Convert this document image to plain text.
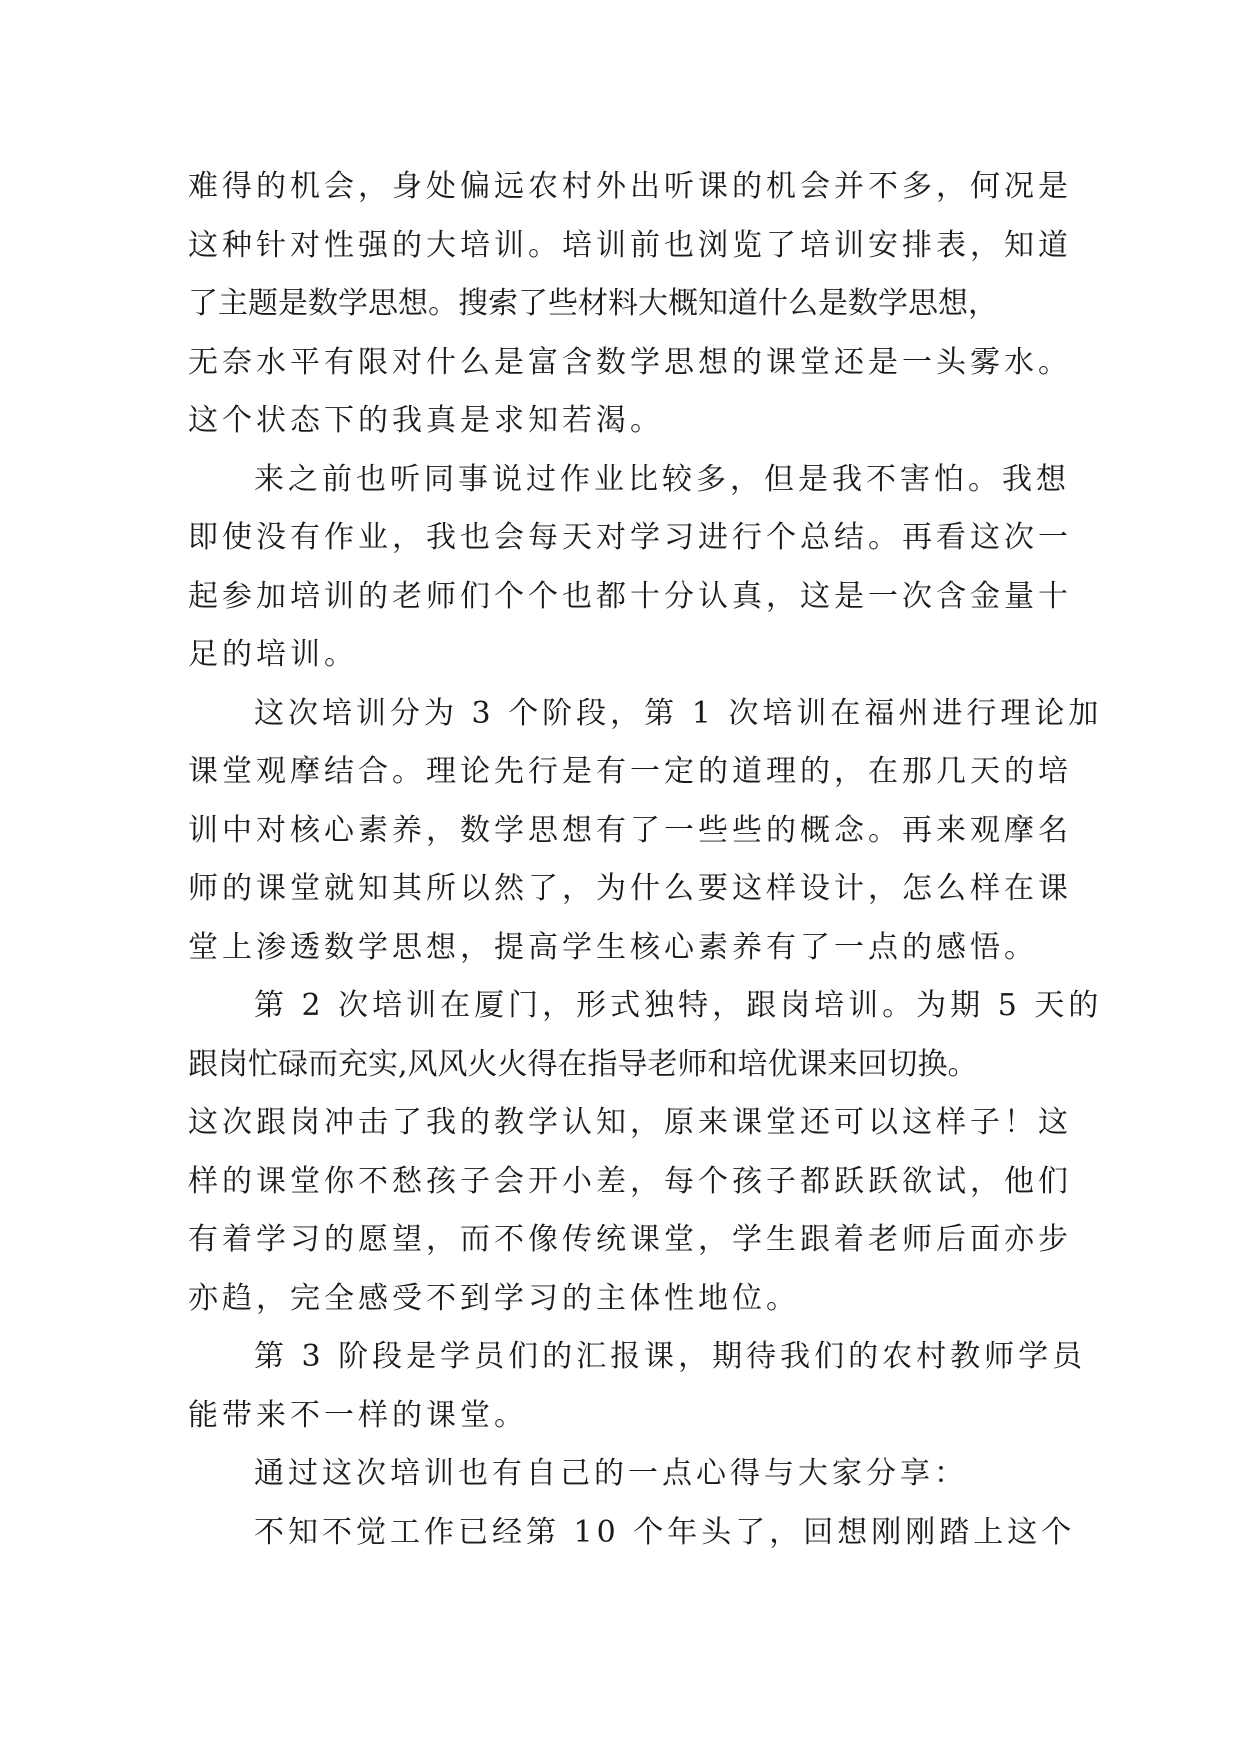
难得的机会，身处偏远农村外出听课的机会并不多，何况是
这种针对性强的大培训。培训前也浏览了培训安排表，知道
了主题是数学思想。搜索了些材料大概知道什么是数学思想，
无奈水平有限对什么是富含数学思想的课堂还是一头雾水。
这个状态下的我真是求知若渴。
来之前也听同事说过作业比较多，但是我不害怕。我想
即使没有作业，我也会每天对学习进行个总结。再看这次一
起参加培训的老师们个个也都十分认真，这是一次含金量十
足的培训。
这次培训分为 3 个阶段，第 1 次培训在福州进行理论加
课堂观摩结合。理论先行是有一定的道理的，在那几天的培
训中对核心素养，数学思想有了一些些的概念。再来观摩名
师的课堂就知其所以然了，为什么要这样设计，怎么样在课
堂上渗透数学思想，提高学生核心素养有了一点的感悟。
第 2 次培训在厦门，形式独特，跟岗培训。为期 5 天的
跟岗忙碌而充实,风风火火得在指导老师和培优课来回切换。
这次跟岗冲击了我的教学认知，原来课堂还可以这样子！这
样的课堂你不愁孩子会开小差，每个孩子都跃跃欲试，他们
有着学习的愿望，而不像传统课堂，学生跟着老师后面亦步
亦趋，完全感受不到学习的主体性地位。
第 3 阶段是学员们的汇报课，期待我们的农村教师学员
能带来不一样的课堂。
通过这次培训也有自己的一点心得与大家分享：
不知不觉工作已经第 10 个年头了，回想刚刚踏上这个
